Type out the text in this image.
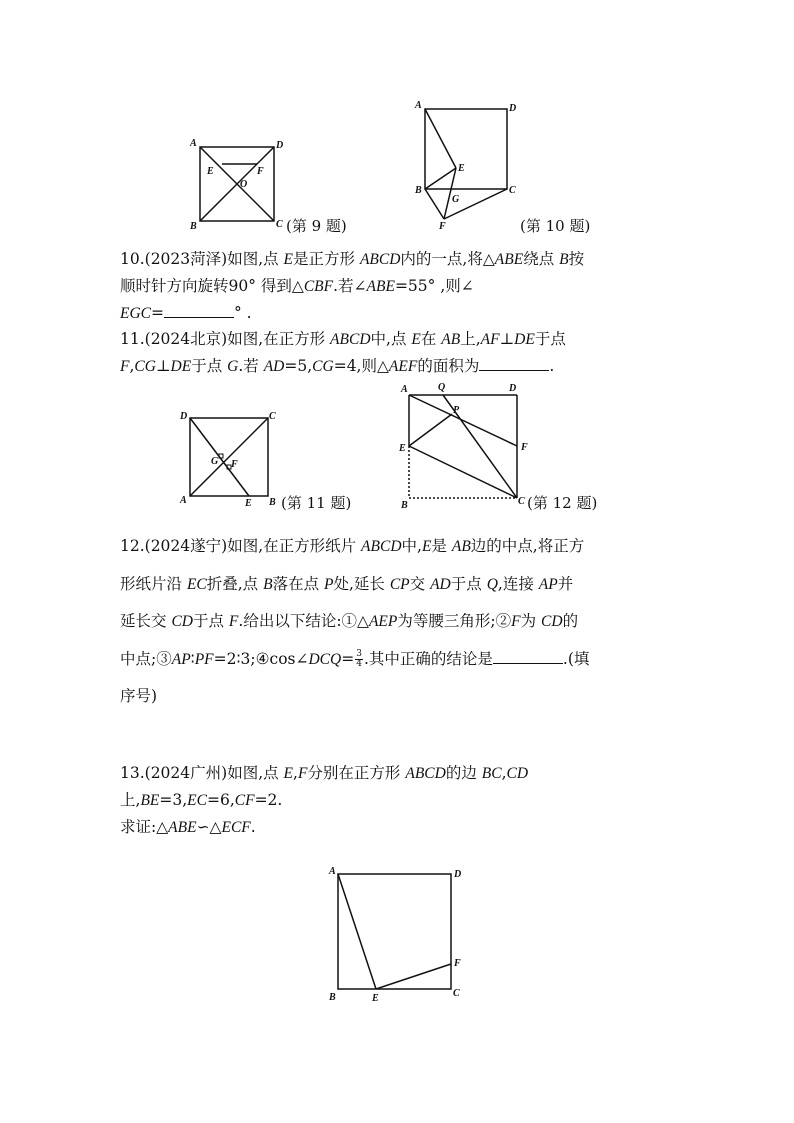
A	D
B	C
E	F
O
(第 9 题)
A	D
B	C
E
G
F	(第 10 题)
10.(2023菏泽)如图,点 E是正方形 ABCD内的一点,将△ABE绕点 B按
顺时针方向旋转90° 得到△CBF.若∠ABE=55° ,则∠
EGC=	° .
11.(2024北京)如图,在正方形 ABCD中,点 E在 AB上,AF⊥DE于点
F,CG⊥DE于点 G.若 AD=5,CG=4,则△AEF的面积为	.
D	C
A	B
E
G F
(第 11 题)
A	Q	D
P
E	F
B	C (第 12 题)
12.(2024遂宁)如图,在正方形纸片 ABCD中,E是 AB边的中点,将正方
形纸片沿 EC折叠,点 B落在点 P处,延长 CP交 AD于点 Q,连接 AP并
延长交 CD于点 F.给出以下结论:①△AEP为等腰三角形;②F为 CD的
中点;③AP∶PF=2∶3;④cos∠DCQ= $\frac{3}{4}$ .其中正确的结论是	.(填
序号)
13.(2024广州)如图,点 E,F分别在正方形 ABCD的边 BC,CD
上,BE=3,EC=6,CF=2.
求证:△ABE∽△ECF.
A	D
F
B	E	C
